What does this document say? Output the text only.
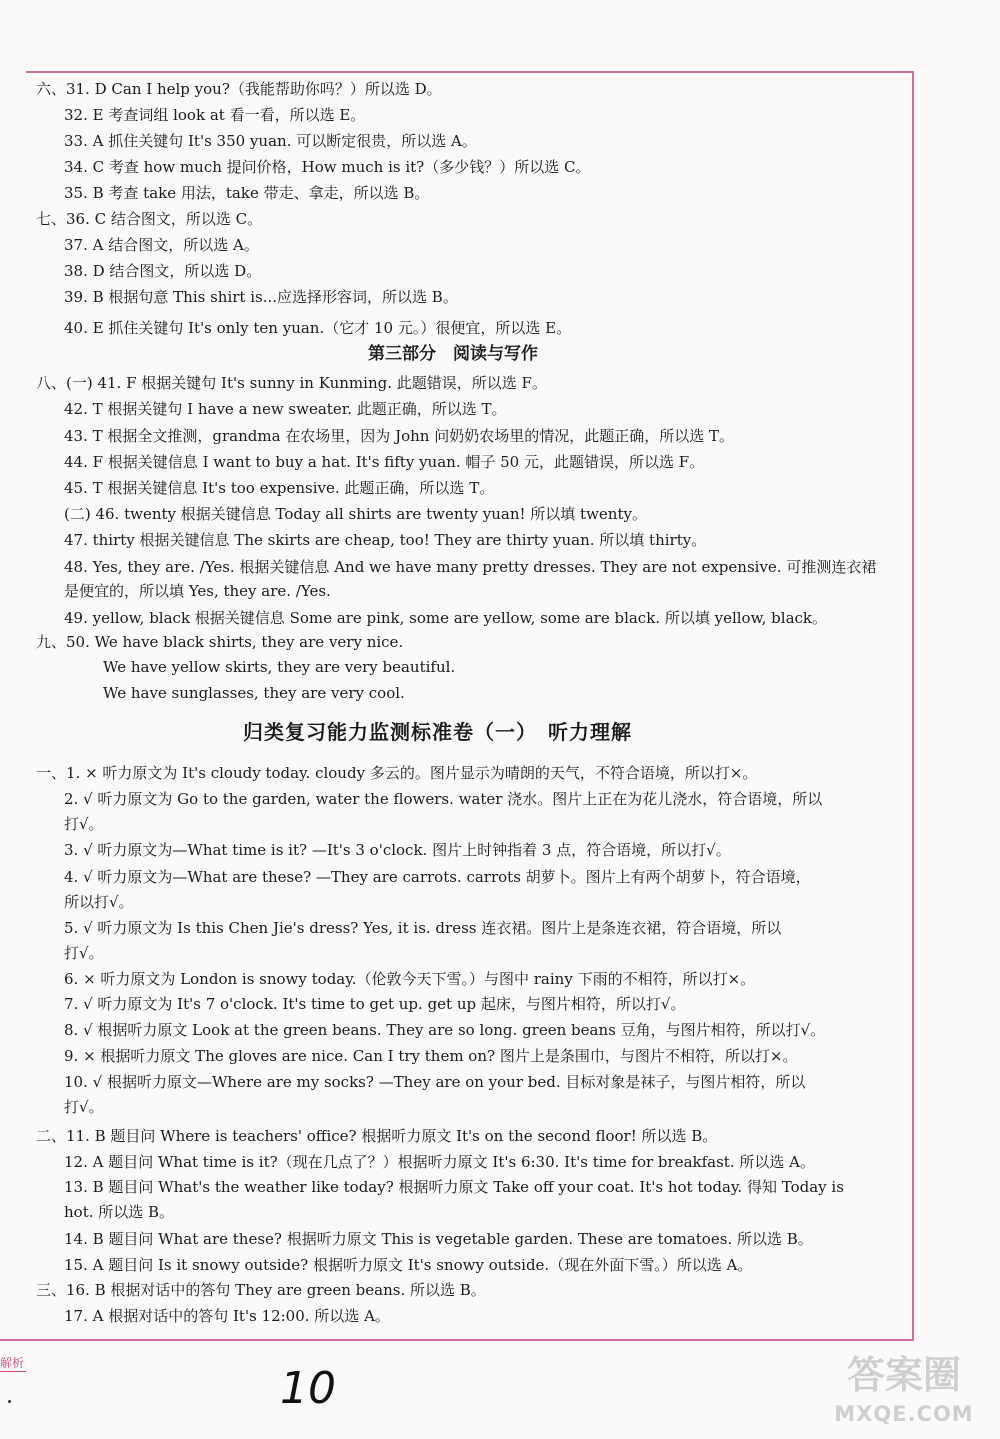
六、31. D Can I help you?（我能帮助你吗？）所以选 D。
32. E 考查词组 look at 看一看，所以选 E。
33. A 抓住关键句 It's 350 yuan. 可以断定很贵，所以选 A。
34. C 考查 how much 提问价格，How much is it?（多少钱？）所以选 C。
35. B 考查 take 用法，take 带走、拿走，所以选 B。
七、36. C 结合图文，所以选 C。
37. A 结合图文，所以选 A。
38. D 结合图文，所以选 D。
39. B 根据句意 This shirt is...应选择形容词，所以选 B。
40. E 抓住关键句 It's only ten yuan.（它才 10 元。）很便宜，所以选 E。
第三部分　阅读与写作
八、(一) 41. F 根据关键句 It's sunny in Kunming. 此题错误，所以选 F。
42. T 根据关键句 I have a new sweater. 此题正确，所以选 T。
43. T 根据全文推测，grandma 在农场里，因为 John 问奶奶农场里的情况，此题正确，所以选 T。
44. F 根据关键信息 I want to buy a hat. It's fifty yuan. 帽子 50 元，此题错误，所以选 F。
45. T 根据关键信息 It's too expensive. 此题正确，所以选 T。
(二) 46. twenty 根据关键信息 Today all shirts are twenty yuan! 所以填 twenty。
47. thirty 根据关键信息 The skirts are cheap, too! They are thirty yuan. 所以填 thirty。
48. Yes, they are. /Yes. 根据关键信息 And we have many pretty dresses. They are not expensive. 可推测连衣裙
是便宜的，所以填 Yes, they are. /Yes.
49. yellow, black 根据关键信息 Some are pink, some are yellow, some are black. 所以填 yellow, black。
九、50. We have black shirts, they are very nice.
We have yellow skirts, they are very beautiful.
We have sunglasses, they are very cool.
归类复习能力监测标准卷（一）　听力理解
一、1. × 听力原文为 It's cloudy today. cloudy 多云的。图片显示为晴朗的天气，不符合语境，所以打×。
2. √ 听力原文为 Go to the garden, water the flowers. water 浇水。图片上正在为花儿浇水，符合语境，所以
打√。
3. √ 听力原文为—What time is it? —It's 3 o'clock. 图片上时钟指着 3 点，符合语境，所以打√。
4. √ 听力原文为—What are these? —They are carrots. carrots 胡萝卜。图片上有两个胡萝卜，符合语境，
所以打√。
5. √ 听力原文为 Is this Chen Jie's dress? Yes, it is. dress 连衣裙。图片上是条连衣裙，符合语境，所以
打√。
6. × 听力原文为 London is snowy today.（伦敦今天下雪。）与图中 rainy 下雨的不相符，所以打×。
7. √ 听力原文为 It's 7 o'clock. It's time to get up. get up 起床，与图片相符，所以打√。
8. √ 根据听力原文 Look at the green beans. They are so long. green beans 豆角，与图片相符，所以打√。
9. × 根据听力原文 The gloves are nice. Can I try them on? 图片上是条围巾，与图片不相符，所以打×。
10. √ 根据听力原文—Where are my socks? —They are on your bed. 目标对象是袜子，与图片相符，所以
打√。
二、11. B 题目问 Where is teachers' office? 根据听力原文 It's on the second floor! 所以选 B。
12. A 题目问 What time is it?（现在几点了？）根据听力原文 It's 6:30. It's time for breakfast. 所以选 A。
13. B 题目问 What's the weather like today? 根据听力原文 Take off your coat. It's hot today. 得知 Today is
hot. 所以选 B。
14. B 题目问 What are these? 根据听力原文 This is vegetable garden. These are tomatoes. 所以选 B。
15. A 题目问 Is it snowy outside? 根据听力原文 It's snowy outside.（现在外面下雪。）所以选 A。
三、16. B 根据对话中的答句 They are green beans. 所以选 B。
17. A 根据对话中的答句 It's 12:00. 所以选 A。
解析	10	答案圈
MXQE.COM
